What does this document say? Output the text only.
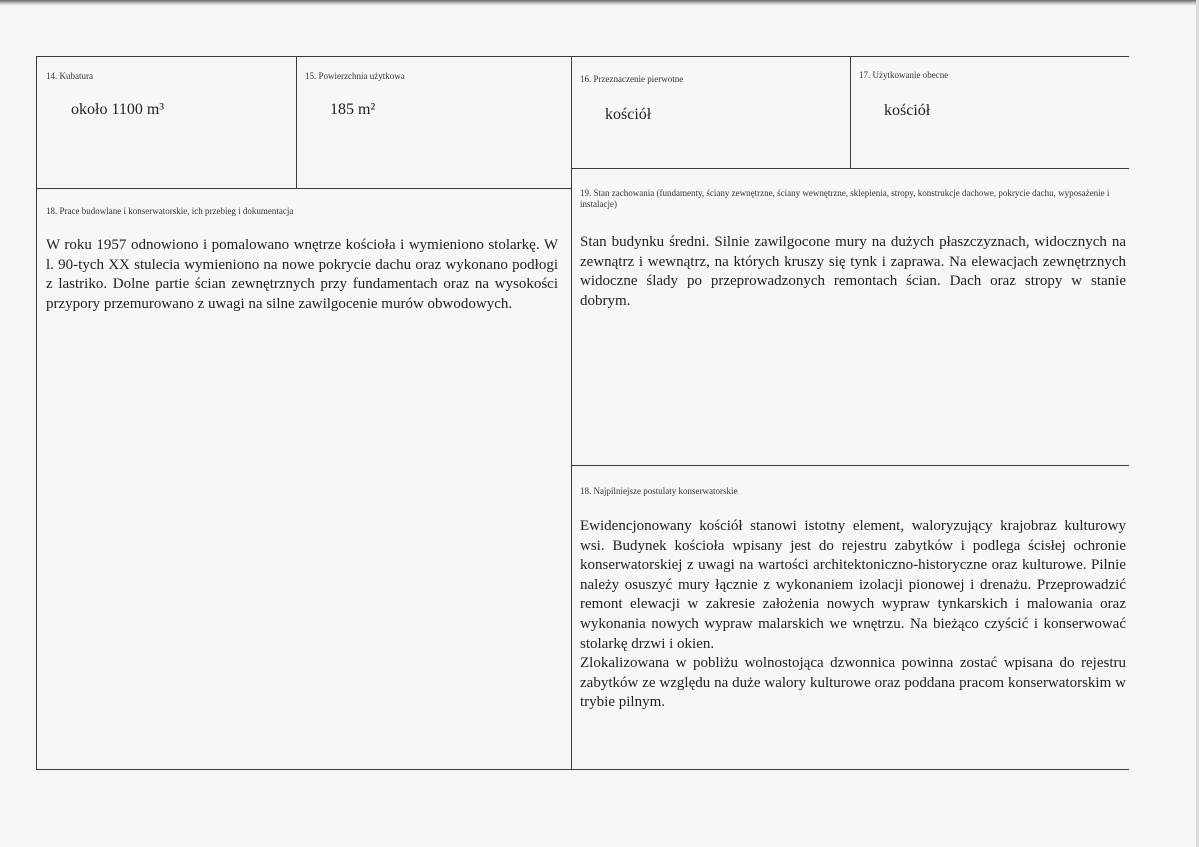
14. Kubatura
około 1100 m³
15. Powierzchnia użytkowa
185 m²
16. Przeznaczenie pierwotne
kościół
17. Użytkowanie obecne
kościół
18. Prace budowlane i konserwatorskie, ich przebieg i dokumentacja
W roku 1957 odnowiono i pomalowano wnętrze kościoła i wymieniono stolarkę. W l. 90-tych XX stulecia wymieniono na nowe pokrycie dachu oraz wykonano podłogi z lastriko. Dolne partie ścian zewnętrznych przy fundamentach oraz na wysokości przypory przemurowano z uwagi na silne zawilgocenie murów obwodowych.
19. Stan zachowania (fundamenty, ściany zewnętrzne, ściany wewnętrzne, sklepienia, stropy, konstrukcje dachowe, pokrycie dachu, wyposażenie i instalacje)
Stan budynku średni. Silnie zawilgocone mury na dużych płaszczyznach, widocznych na zewnątrz i wewnątrz, na których kruszy się tynk i zaprawa. Na elewacjach zewnętrznych widoczne ślady po przeprowadzonych remontach ścian. Dach oraz stropy w stanie dobrym.
18. Najpilniejsze postulaty konserwatorskie

Ewidencjonowany kościół stanowi istotny element, waloryzujący krajobraz kulturowy wsi. Budynek kościoła wpisany jest do rejestru zabytków i podlega ścisłej ochronie konserwatorskiej z uwagi na wartości architektoniczno-historyczne oraz kulturowe. Pilnie należy osuszyć mury łącznie z wykonaniem izolacji pionowej i drenażu. Przeprowadzić remont elewacji w zakresie założenia nowych wypraw tynkarskich i malowania oraz wykonania nowych wypraw malarskich we wnętrzu. Na bieżąco czyścić i konserwować stolarkę drzwi i okien.

Zlokalizowana w pobliżu wolnostojąca dzwonnica powinna zostać wpisana do rejestru zabytków ze względu na duże walory kulturowe oraz poddana pracom konserwatorskim w trybie pilnym.
